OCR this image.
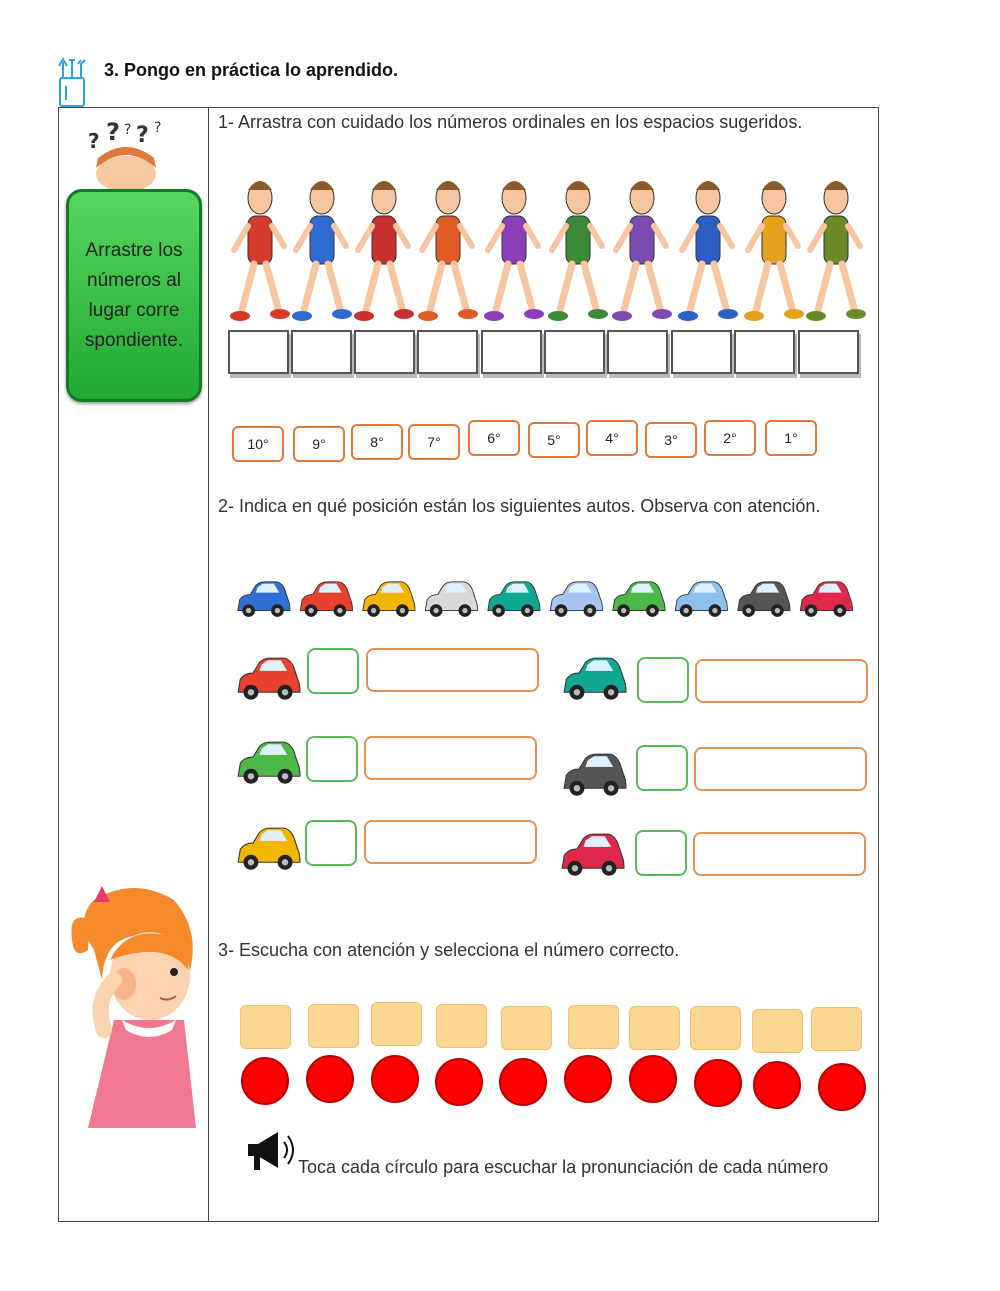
3. Pongo en práctica lo aprendido.
? ? ? ? ?
Arrastre los números al lugar correspondiente.
1- Arrastra con cuidado los números ordinales en los espacios sugeridos.
10°	9°	8°	7°	6°	5°	4°	3°	2°	1°
2- Indica en qué posición están los siguientes autos. Observa con atención.
3- Escucha con atención y selecciona el número correcto.
Toca cada círculo para escuchar la pronunciación de cada número
